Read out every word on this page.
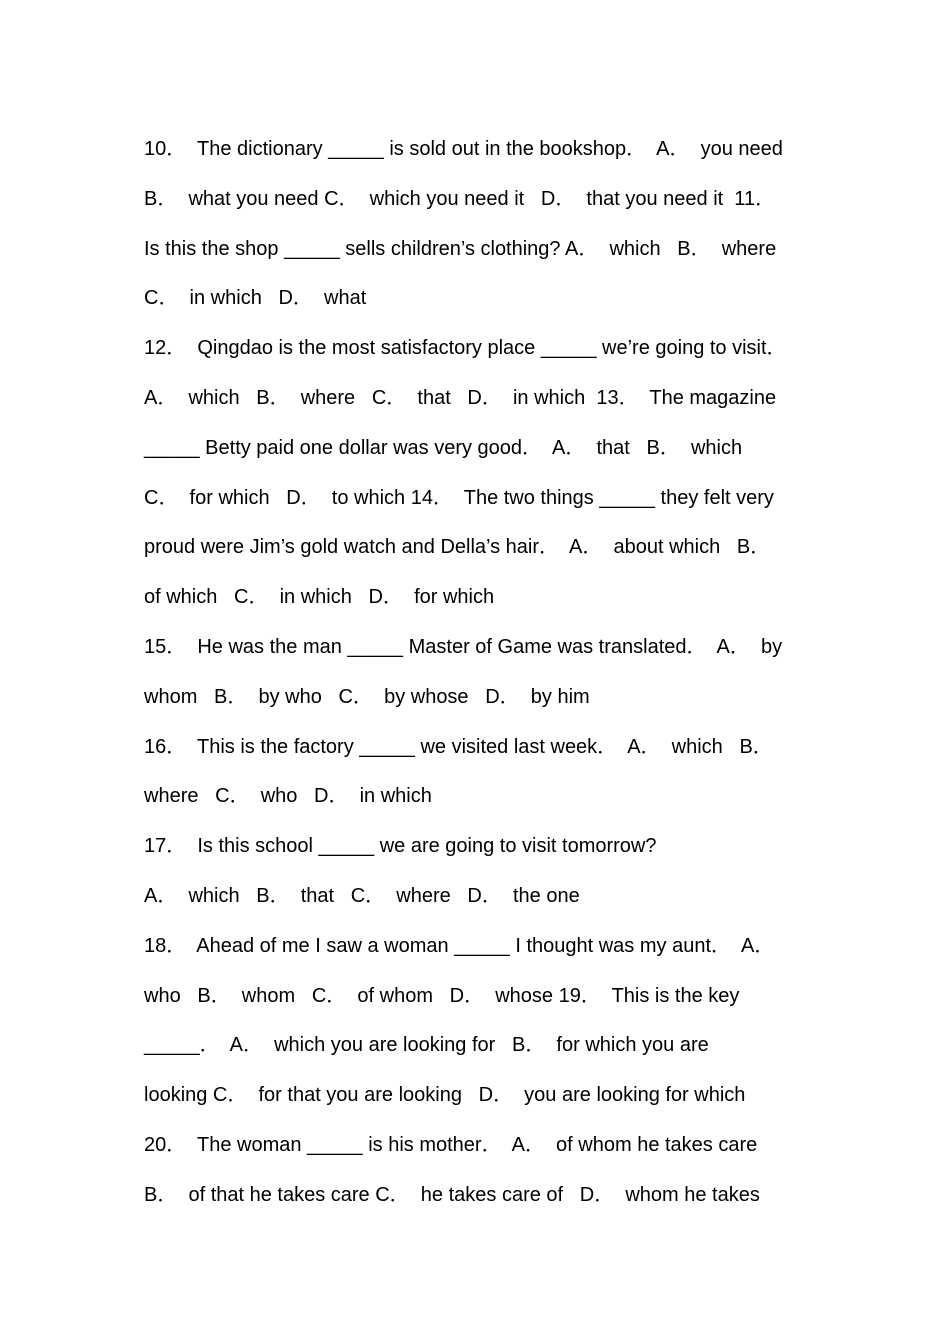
10．  The dictionary _____ is sold out in the bookshop．  A．  you need
B．  what you need C．  which you need it   D．  that you need it  11．
Is this the shop _____ sells children’s clothing? A．  which   B．  where
C．  in which   D．  what
12．  Qingdao is the most satisfactory place _____ we’re going to visit．
A．  which   B．  where   C．  that   D．  in which  13．  The magazine
_____ Betty paid one dollar was very good．  A．  that   B．  which
C．  for which   D．  to which 14．  The two things _____ they felt very
proud were Jim’s gold watch and Della’s hair．  A．  about which   B．
of which   C．  in which   D．  for which
15．  He was the man _____ Master of Game was translated．  A．  by
whom   B．  by who   C．  by whose   D．  by him
16．  This is the factory _____ we visited last week．  A．  which   B．
where   C．  who   D．  in which
17．  Is this school _____ we are going to visit tomorrow?
A．  which   B．  that   C．  where   D．  the one
18．  Ahead of me I saw a woman _____ I thought was my aunt．  A．
who   B．  whom   C．  of whom   D．  whose 19．  This is the key
_____．  A．  which you are looking for   B．  for which you are
looking C．  for that you are looking   D．  you are looking for which
20．  The woman _____ is his mother．  A．  of whom he takes care
B．  of that he takes care C．  he takes care of   D．  whom he takes
